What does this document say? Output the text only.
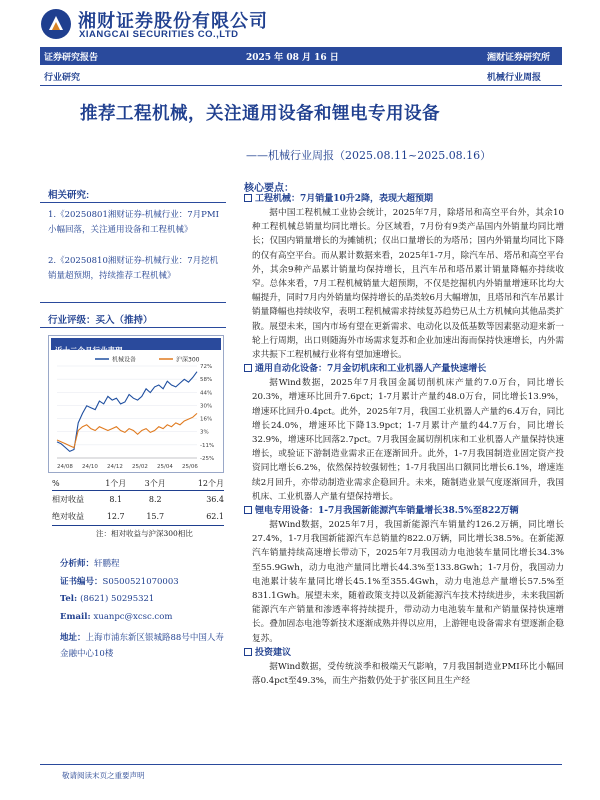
湘财证券股份有限公司
XIANGCAI SECURITIES CO.,LTD
证券研究报告	2025 年 08 月 16 日	湘财证券研究所
行业研究	机械行业周报
推荐工程机械，关注通用设备和锂电专用设备
——机械行业周报（2025.08.11~2025.08.16）
相关研究:
1.《20250801湘财证券-机械行业：7月PMI小幅回落，关注通用设备和工程机械》
2.《20250810湘财证券-机械行业：7月挖机销量超预期，持续推荐工程机械》
行业评级：买入（推持）
近十二个月行业表现
机械设备	沪深300
-25%
-11%
3%
16%
30%
44%
58%
72%
24/08 24/10 24/12 25/02 25/04 25/06
%	1个月	3个月	12个月
相对收益	8.1	8.2	36.4
绝对收益	12.7	15.7	62.1
注：相对收益与沪深300相比
分析师：轩鹏程
证书编号：S0500521070003
Tel: (8621) 50295321
Email: xuanpc@xcsc.com
地址：上海市浦东新区银城路88号中国人寿金融中心10楼
核心要点：
工程机械：7月销量10升2降，表现大超预期
据中国工程机械工业协会统计，2025年7月，除塔吊和高空平台外，其余10种工程机械总销量均同比增长。分区域看，7月份有9类产品国内外销量均同比增长；仅国内销量增长的为摊铺机；仅出口量增长的为塔吊；国内外销量均同比下降的仅有高空平台。而从累计数据来看，2025年1-7月，除汽车吊、塔吊和高空平台外，其余9种产品累计销量均保持增长，且汽车吊和塔吊累计销量降幅亦持续收窄。总体来看，7月工程机械销量大超预期，不仅是挖掘机内外销量增速环比均大幅提升，同时7月内外销量均保持增长的品类较6月大幅增加，且塔吊和汽车吊累计销量降幅也持续收窄，表明工程机械需求持续复苏趋势已从土方机械向其他品类扩散。展望未来，国内市场有望在更新需求、电动化以及低基数等因素驱动迎来新一轮上行周期，出口则随海外市场需求复苏和企业加速出海而保持快速增长，内外需求共振下工程机械行业将有望加速增长。
通用自动化设备：7月金切机床和工业机器人产量快速增长
据Wind数据，2025年7月我国金属切削机床产量约7.0万台，同比增长20.3%，增速环比回升7.6pct；1-7月累计产量约48.0万台，同比增长13.9%，增速环比回升0.4pct。此外，2025年7月，我国工业机器人产量约6.4万台，同比增长24.0%，增速环比下降13.9pct；1-7月累计产量约44.7万台，同比增长32.9%，增速环比回落2.7pct。7月我国金属切削机床和工业机器人产量保持快速增长，或验证下游制造业需求正在逐渐回升。此外，1-7月我国制造业固定资产投资同比增长6.2%，依然保持较强韧性；1-7月我国出口额同比增长6.1%，增速连续2月回升，亦带动制造业需求企稳回升。未来，随制造业景气度逐渐回升，我国机床、工业机器人产量有望保持增长。
锂电专用设备：1-7月我国新能源汽车销量增长38.5%至822万辆
据Wind数据，2025年7月，我国新能源汽车销量约126.2万辆，同比增长27.4%，1-7月我国新能源汽车总销量约822.0万辆，同比增长38.5%。在新能源汽车销量持续高速增长带动下，2025年7月我国动力电池装车量同比增长34.3%至55.9Gwh，动力电池产量同比增长44.3%至133.8Gwh；1-7月份，我国动力电池累计装车量同比增长45.1%至355.4Gwh，动力电池总产量增长57.5%至831.1Gwh。展望未来，随着政策支持以及新能源汽车技术持续进步，未来我国新能源汽车产销量和渗透率将持续提升，带动动力电池装车量和产销量保持快速增长。叠加固态电池等新技术逐渐成熟并得以应用，上游锂电设备需求有望逐渐企稳复苏。
投资建议
据Wind数据，受传统淡季和极端天气影响，7月我国制造业PMI环比小幅回落0.4pct至49.3%，而生产指数仍处于扩张区间且生产经
敬请阅读末页之重要声明
